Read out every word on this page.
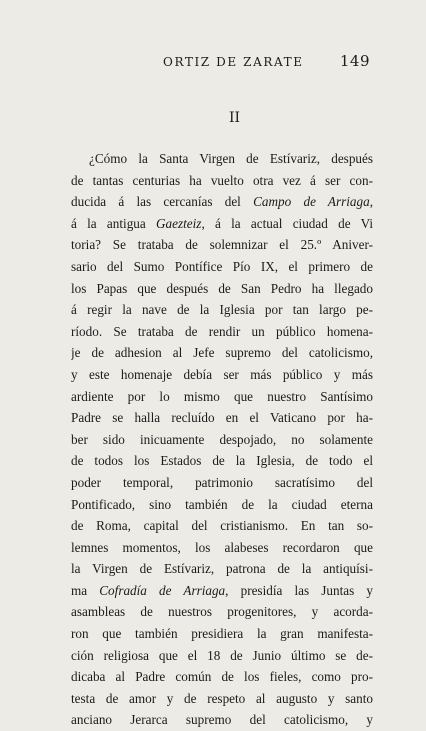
ORTIZ DE ZARATE 149
II
¿Cómo la Santa Virgen de Estívariz, después
de tantas centurias ha vuelto otra vez á ser con-
ducida á las cercanías del Campo de Arriaga,
á la antigua Gaezteiz, á la actual ciudad de Vi
toria? Se trataba de solemnizar el 25.º Aniver-
sario del Sumo Pontífice Pío IX, el primero de
los Papas que después de San Pedro ha llegado
á regir la nave de la Iglesia por tan largo pe-
ríodo. Se trataba de rendir un público homena-
je de adhesion al Jefe supremo del catolicismo,
y este homenaje debía ser más público y más
ardiente por lo mismo que nuestro Santísimo
Padre se halla recluído en el Vaticano por ha-
ber sido inicuamente despojado, no solamente
de todos los Estados de la Iglesia, de todo el
poder temporal, patrimonio sacratísimo del
Pontificado, sino también de la ciudad eterna
de Roma, capital del cristianismo. En tan so-
lemnes momentos, los alabeses recordaron que
la Virgen de Estívariz, patrona de la antiquísi-
ma Cofradía de Arriaga, presidía las Juntas y
asambleas de nuestros progenitores, y acorda-
ron que también presidiera la gran manifesta-
ción religiosa que el 18 de Junio último se de-
dicaba al Padre común de los fieles, como pro-
testa de amor y de respeto al augusto y santo
anciano Jerarca supremo del catolicismo, y
